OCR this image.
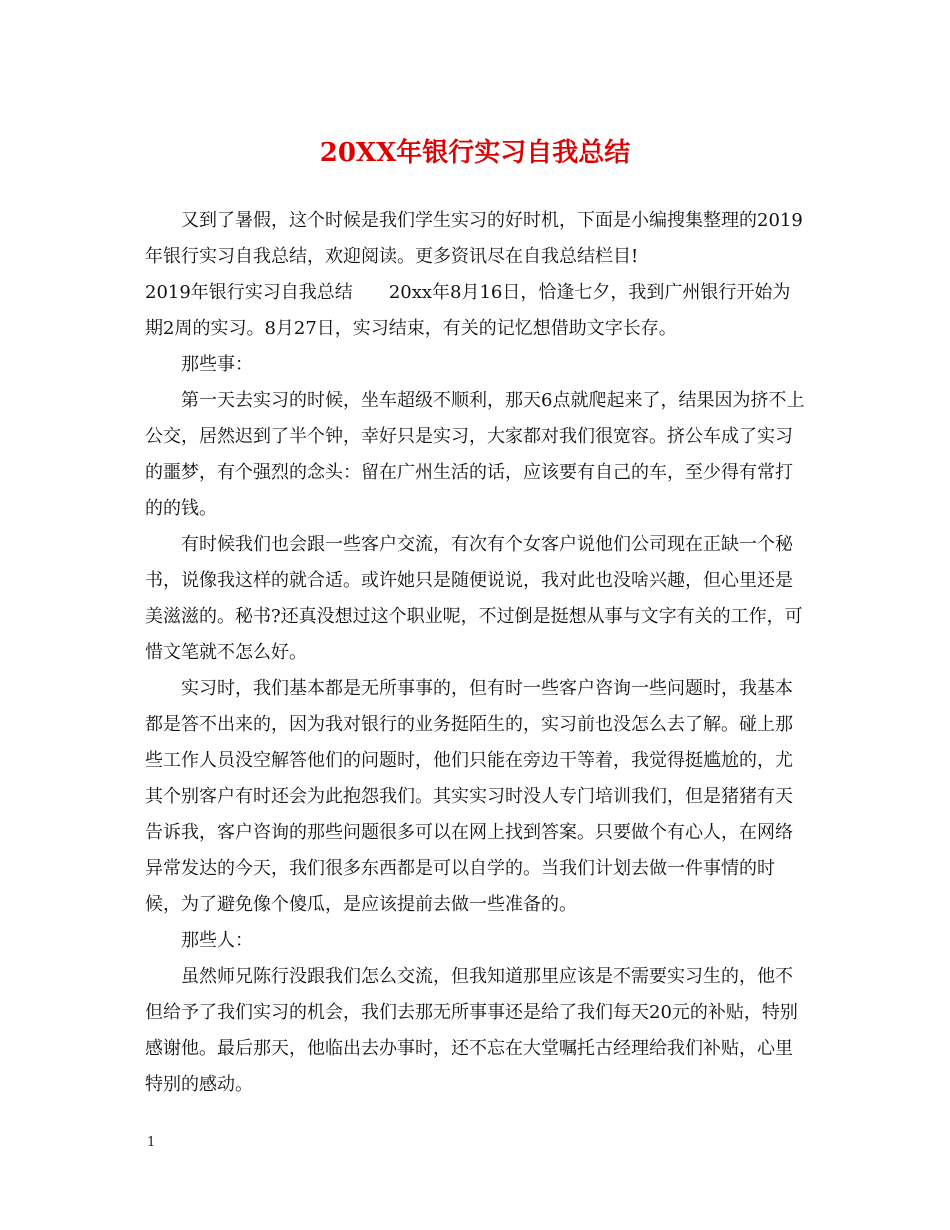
20XX年银行实习自我总结

又到了暑假，这个时候是我们学生实习的好时机，下面是小编搜集整理的2019年银行实习自我总结，欢迎阅读。更多资讯尽在自我总结栏目!

2019年银行实习自我总结 20xx年8月16日，恰逢七夕，我到广州银行开始为期2周的实习。8月27日，实习结束，有关的记忆想借助文字长存。

那些事：

第一天去实习的时候，坐车超级不顺利，那天6点就爬起来了，结果因为挤不上公交，居然迟到了半个钟，幸好只是实习，大家都对我们很宽容。挤公车成了实习的噩梦，有个强烈的念头：留在广州生活的话，应该要有自己的车，至少得有常打的的钱。

有时候我们也会跟一些客户交流，有次有个女客户说他们公司现在正缺一个秘书，说像我这样的就合适。或许她只是随便说说，我对此也没啥兴趣，但心里还是美滋滋的。秘书?还真没想过这个职业呢，不过倒是挺想从事与文字有关的工作，可惜文笔就不怎么好。

实习时，我们基本都是无所事事的，但有时一些客户咨询一些问题时，我基本都是答不出来的，因为我对银行的业务挺陌生的，实习前也没怎么去了解。碰上那些工作人员没空解答他们的问题时，他们只能在旁边干等着，我觉得挺尴尬的，尤其个别客户有时还会为此抱怨我们。其实实习时没人专门培训我们，但是猪猪有天告诉我，客户咨询的那些问题很多可以在网上找到答案。只要做个有心人，在网络异常发达的今天，我们很多东西都是可以自学的。当我们计划去做一件事情的时候，为了避免像个傻瓜，是应该提前去做一些准备的。

那些人：

虽然师兄陈行没跟我们怎么交流，但我知道那里应该是不需要实习生的，他不但给予了我们实习的机会，我们去那无所事事还是给了我们每天20元的补贴，特别感谢他。最后那天，他临出去办事时，还不忘在大堂嘱托古经理给我们补贴，心里特别的感动。

1
